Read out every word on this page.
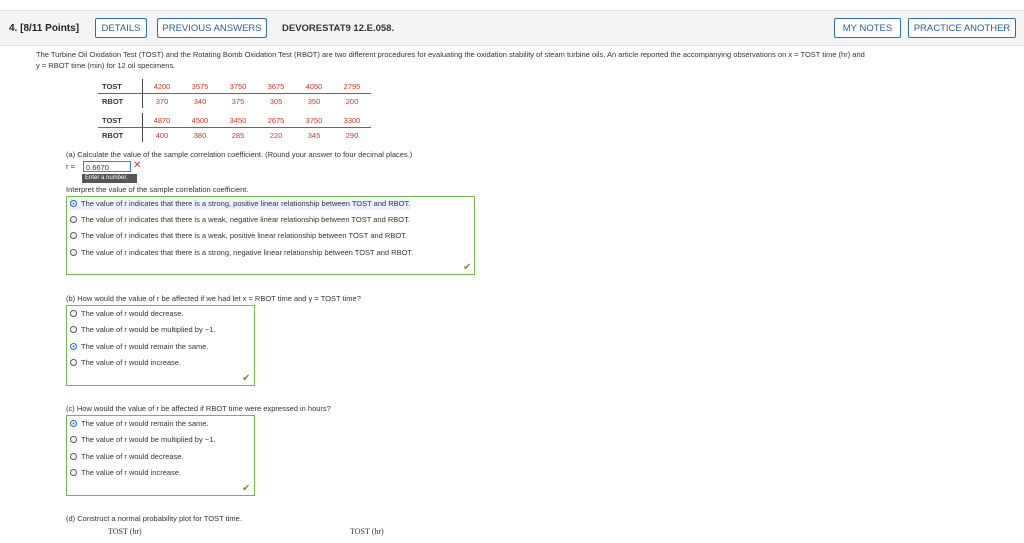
4. [8/11 Points]	DETAILS	PREVIOUS ANSWERS	DEVORESTAT9 12.E.058.	MY NOTES	PRACTICE ANOTHER
The Turbine Oil Oxidation Test (TOST) and the Rotating Bomb Oxidation Test (RBOT) are two different procedures for evaluating the oxidation stability of steam turbine oils. An article reported the accompanying observations on x = TOST time (hr) and
y = RBOT time (min) for 12 oil specimens.
TOST	4200	3575	3750	3675	4050	2795
RBOT	370	340	375	305	350	200
TOST	4870	4500	3450	2675	3750	3300
RBOT	400	380	285	220	345	290
(a) Calculate the value of the sample correlation coefficient. (Round your answer to four decimal places.)
r =	0.6670	✕
Enter a number.
Interpret the value of the sample correlation coefficient.
The value of r indicates that there is a strong, positive linear relationship between TOST and RBOT.
The value of r indicates that there is a weak, negative linear relationship between TOST and RBOT.
The value of r indicates that there is a weak, positive linear relationship between TOST and RBOT.
The value of r indicates that there is a strong, negative linear relationship between TOST and RBOT.
✔
(b) How would the value of r be affected if we had let x = RBOT time and y = TOST time?
The value of r would decrease.
The value of r would be multiplied by −1.
The value of r would remain the same.
The value of r would increase.
✔
(c) How would the value of r be affected if RBOT time were expressed in hours?
The value of r would remain the same.
The value of r would be multiplied by −1.
The value of r would decrease.
The value of r would increase.
✔
(d) Construct a normal probability plot for TOST time.
TOST (hr)	TOST (hr)
